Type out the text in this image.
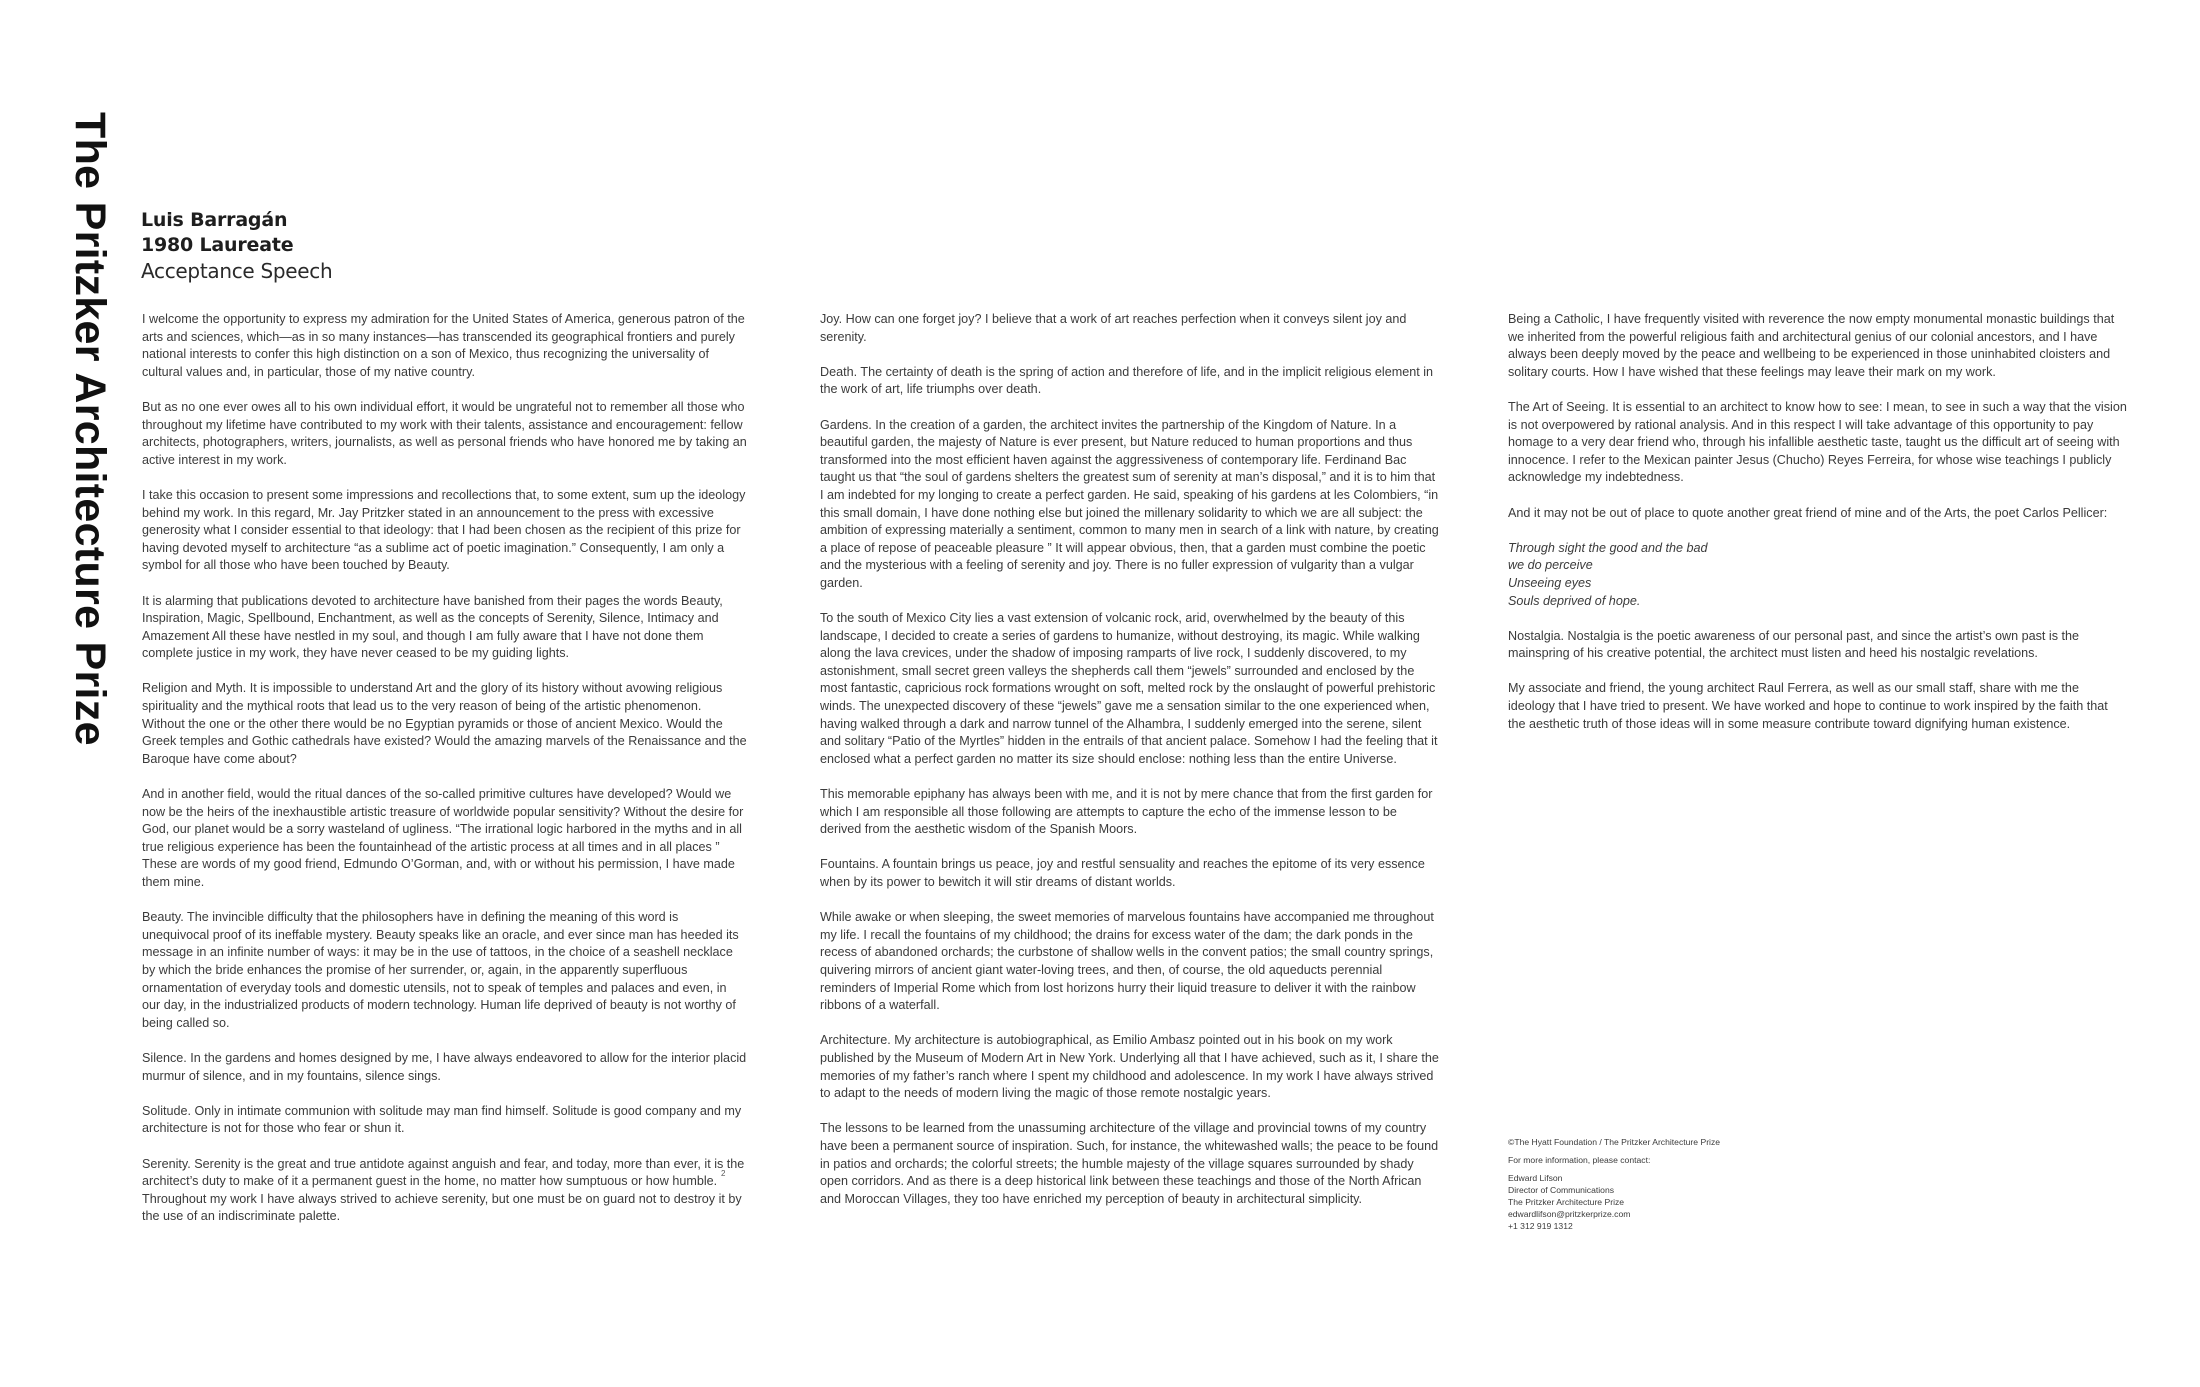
The Pritzker Architecture Prize Luis Barragán
1980 Laureate
Acceptance Speech

I welcome the opportunity to express my admiration for the United States of America, generous patron of the arts and sciences, which—as in so many instances—has transcended its geographical frontiers and purely national interests to confer this high distinction on a son of Mexico, thus recognizing the universality of cultural values and, in particular, those of my native country.

But as no one ever owes all to his own individual effort, it would be ungrateful not to remember all those who throughout my lifetime have contributed to my work with their talents, assistance and encouragement: fellow architects, photographers, writers, journalists, as well as personal friends who have honored me by taking an active interest in my work.

I take this occasion to present some impressions and recollections that, to some extent, sum up the ideology behind my work. In this regard, Mr. Jay Pritzker stated in an announcement to the press with excessive generosity what I consider essential to that ideology: that I had been chosen as the recipient of this prize for having devoted myself to architecture “as a sublime act of poetic imagination.” Consequently, I am only a symbol for all those who have been touched by Beauty.

It is alarming that publications devoted to architecture have banished from their pages the words Beauty, Inspiration, Magic, Spellbound, Enchantment, as well as the concepts of Serenity, Silence, Intimacy and Amazement All these have nestled in my soul, and though I am fully aware that I have not done them complete justice in my work, they have never ceased to be my guiding lights.

Religion and Myth. It is impossible to understand Art and the glory of its history without avowing religious spirituality and the mythical roots that lead us to the very reason of being of the artistic phenomenon. Without the one or the other there would be no Egyptian pyramids or those of ancient Mexico. Would the Greek temples and Gothic cathedrals have existed? Would the amazing marvels of the Renaissance and the Baroque have come about?

And in another field, would the ritual dances of the so-called primitive cultures have developed? Would we now be the heirs of the inexhaustible artistic treasure of worldwide popular sensitivity? Without the desire for God, our planet would be a sorry wasteland of ugliness. “The irrational logic harbored in the myths and in all true religious experience has been the fountainhead of the artistic process at all times and in all places ” These are words of my good friend, Edmundo O’Gorman, and, with or without his permission, I have made them mine.

Beauty. The invincible difficulty that the philosophers have in defining the meaning of this word is unequivocal proof of its ineffable mystery. Beauty speaks like an oracle, and ever since man has heeded its message in an infinite number of ways: it may be in the use of tattoos, in the choice of a seashell necklace by which the bride enhances the promise of her surrender, or, again, in the apparently superfluous ornamentation of everyday tools and domestic utensils, not to speak of temples and palaces and even, in our day, in the industrialized products of modern technology. Human life deprived of beauty is not worthy of being called so.

Silence. In the gardens and homes designed by me, I have always endeavored to allow for the interior placid murmur of silence, and in my fountains, silence sings.

Solitude. Only in intimate communion with solitude may man find himself. Solitude is good company and my architecture is not for those who fear or shun it.

Serenity. Serenity is the great and true antidote against anguish and fear, and today, more than ever, it is the architect’s duty to make of it a permanent guest in the home, no matter how sumptuous or how humble. Throughout my work I have always strived to achieve serenity, but one must be on guard not to destroy it by the use of an indiscriminate palette.

2

Joy. How can one forget joy? I believe that a work of art reaches perfection when it conveys silent joy and serenity.

Death. The certainty of death is the spring of action and therefore of life, and in the implicit religious element in the work of art, life triumphs over death.

Gardens. In the creation of a garden, the architect invites the partnership of the Kingdom of Nature. In a beautiful garden, the majesty of Nature is ever present, but Nature reduced to human proportions and thus transformed into the most efficient haven against the aggressiveness of contemporary life. Ferdinand Bac taught us that “the soul of gardens shelters the greatest sum of serenity at man’s disposal,” and it is to him that I am indebted for my longing to create a perfect garden. He said, speaking of his gardens at les Colombiers, “in this small domain, I have done nothing else but joined the millenary solidarity to which we are all subject: the ambition of expressing materially a sentiment, common to many men in search of a link with nature, by creating a place of repose of peaceable pleasure ” It will appear obvious, then, that a garden must combine the poetic and the mysterious with a feeling of serenity and joy. There is no fuller expression of vulgarity than a vulgar garden.

To the south of Mexico City lies a vast extension of volcanic rock, arid, overwhelmed by the beauty of this landscape, I decided to create a series of gardens to humanize, without destroying, its magic. While walking along the lava crevices, under the shadow of imposing ramparts of live rock, I suddenly discovered, to my astonishment, small secret green valleys the shepherds call them “jewels” surrounded and enclosed by the most fantastic, capricious rock formations wrought on soft, melted rock by the onslaught of powerful prehistoric winds. The unexpected discovery of these “jewels” gave me a sensation similar to the one experienced when, having walked through a dark and narrow tunnel of the Alhambra, I suddenly emerged into the serene, silent and solitary “Patio of the Myrtles” hidden in the entrails of that ancient palace. Somehow I had the feeling that it enclosed what a perfect garden no matter its size should enclose: nothing less than the entire Universe.

This memorable epiphany has always been with me, and it is not by mere chance that from the first garden for which I am responsible all those following are attempts to capture the echo of the immense lesson to be derived from the aesthetic wisdom of the Spanish Moors.

Fountains. A fountain brings us peace, joy and restful sensuality and reaches the epitome of its very essence when by its power to bewitch it will stir dreams of distant worlds.

While awake or when sleeping, the sweet memories of marvelous fountains have accompanied me throughout my life. I recall the fountains of my childhood; the drains for excess water of the dam; the dark ponds in the recess of abandoned orchards; the curbstone of shallow wells in the convent patios; the small country springs, quivering mirrors of ancient giant water-loving trees, and then, of course, the old aqueducts perennial reminders of Imperial Rome which from lost horizons hurry their liquid treasure to deliver it with the rainbow ribbons of a waterfall.

Architecture. My architecture is autobiographical, as Emilio Ambasz pointed out in his book on my work published by the Museum of Modern Art in New York. Underlying all that I have achieved, such as it, I share the memories of my father’s ranch where I spent my childhood and adolescence. In my work I have always strived to adapt to the needs of modern living the magic of those remote nostalgic years.

The lessons to be learned from the unassuming architecture of the village and provincial towns of my country have been a permanent source of inspiration. Such, for instance, the whitewashed walls; the peace to be found in patios and orchards; the colorful streets; the humble majesty of the village squares surrounded by shady open corridors. And as there is a deep historical link between these teachings and those of the North African and Moroccan Villages, they too have enriched my perception of beauty in architectural simplicity.

Being a Catholic, I have frequently visited with reverence the now empty monumental monastic buildings that we inherited from the powerful religious faith and architectural genius of our colonial ancestors, and I have always been deeply moved by the peace and wellbeing to be experienced in those uninhabited cloisters and solitary courts. How I have wished that these feelings may leave their mark on my work.

The Art of Seeing. It is essential to an architect to know how to see: I mean, to see in such a way that the vision is not overpowered by rational analysis. And in this respect I will take advantage of this opportunity to pay homage to a very dear friend who, through his infallible aesthetic taste, taught us the difficult art of seeing with innocence. I refer to the Mexican painter Jesus (Chucho) Reyes Ferreira, for whose wise teachings I publicly acknowledge my indebtedness.

And it may not be out of place to quote another great friend of mine and of the Arts, the poet Carlos Pellicer:

Through sight the good and the bad
we do perceive
Unseeing eyes
Souls deprived of hope.

Nostalgia. Nostalgia is the poetic awareness of our personal past, and since the artist’s own past is the mainspring of his creative potential, the architect must listen and heed his nostalgic revelations.

My associate and friend, the young architect Raul Ferrera, as well as our small staff, share with me the ideology that I have tried to present. We have worked and hope to continue to work inspired by the faith that the aesthetic truth of those ideas will in some measure contribute toward dignifying human existence.

©The Hyatt Foundation / The Pritzker Architecture Prize
For more information, please contact:
Edward Lifson
Director of Communications
The Pritzker Architecture Prize
edwardlifson@pritzkerprize.com
+1 312 919 1312
